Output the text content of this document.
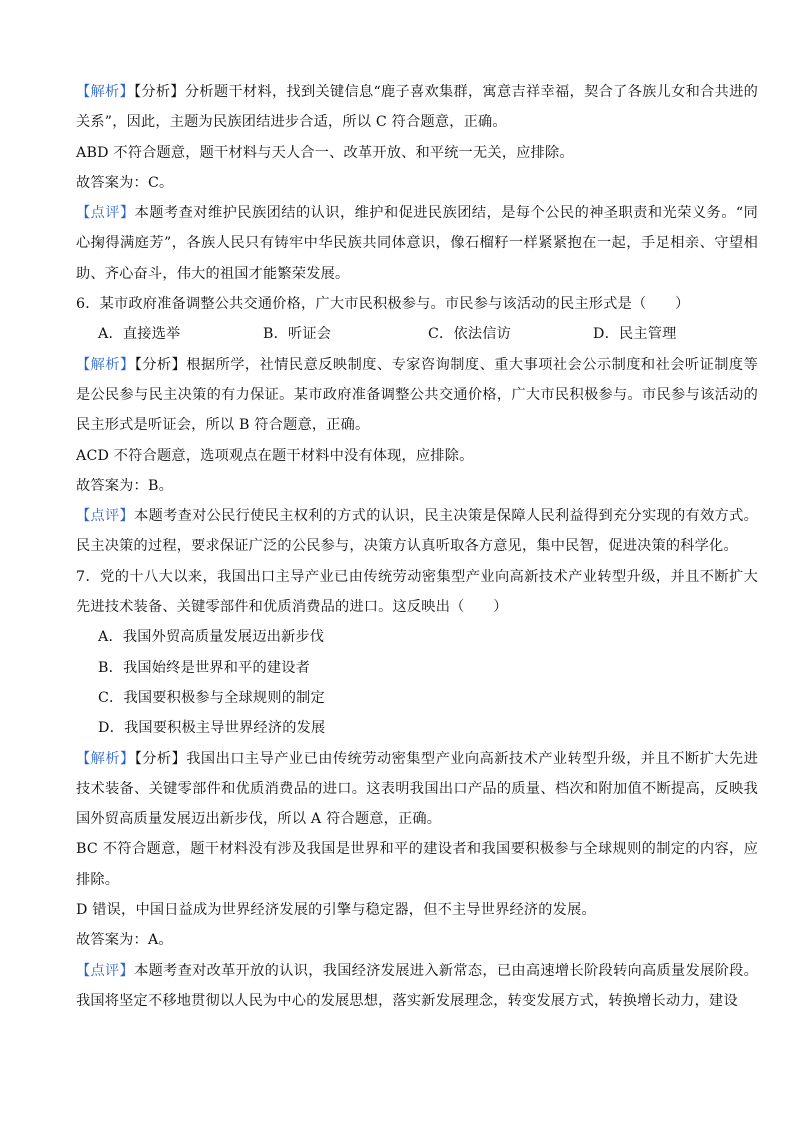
【解析】【分析】分析题干材料，找到关键信息“鹿子喜欢集群，寓意吉祥幸福，契合了各族儿女和合共进的关系”，因此，主题为民族团结进步合适，所以 C 符合题意，正确。

ABD 不符合题意，题干材料与天人合一、改革开放、和平统一无关，应排除。

故答案为：C。

【点评】本题考查对维护民族团结的认识，维护和促进民族团结，是每个公民的神圣职责和光荣义务。“同心掬得满庭芳”，各族人民只有铸牢中华民族共同体意识，像石榴籽一样紧紧抱在一起，手足相亲、守望相助、齐心奋斗，伟大的祖国才能繁荣发展。

6．某市政府准备调整公共交通价格，广大市民积极参与。市民参与该活动的民主形式是（　　）

A．直接选举	B．听证会	C．依法信访	D．民主管理

【解析】【分析】根据所学，社情民意反映制度、专家咨询制度、重大事项社会公示制度和社会听证制度等是公民参与民主决策的有力保证。某市政府准备调整公共交通价格，广大市民积极参与。市民参与该活动的民主形式是听证会，所以 B 符合题意，正确。

ACD 不符合题意，选项观点在题干材料中没有体现，应排除。

故答案为：B。

【点评】本题考查对公民行使民主权利的方式的认识，民主决策是保障人民利益得到充分实现的有效方式。民主决策的过程，要求保证广泛的公民参与，决策方认真听取各方意见，集中民智，促进决策的科学化。

7．党的十八大以来，我国出口主导产业已由传统劳动密集型产业向高新技术产业转型升级，并且不断扩大先进技术装备、关键零部件和优质消费品的进口。这反映出（　　）

A．我国外贸高质量发展迈出新步伐

B．我国始终是世界和平的建设者

C．我国要积极参与全球规则的制定

D．我国要积极主导世界经济的发展

【解析】【分析】我国出口主导产业已由传统劳动密集型产业向高新技术产业转型升级，并且不断扩大先进技术装备、关键零部件和优质消费品的进口。这表明我国出口产品的质量、档次和附加值不断提高，反映我国外贸高质量发展迈出新步伐，所以 A 符合题意，正确。

BC 不符合题意，题干材料没有涉及我国是世界和平的建设者和我国要积极参与全球规则的制定的内容，应排除。

D 错误，中国日益成为世界经济发展的引擎与稳定器，但不主导世界经济的发展。

故答案为：A。

【点评】本题考查对改革开放的认识，我国经济发展进入新常态，已由高速增长阶段转向高质量发展阶段。我国将坚定不移地贯彻以人民为中心的发展思想，落实新发展理念，转变发展方式，转换增长动力，建设
